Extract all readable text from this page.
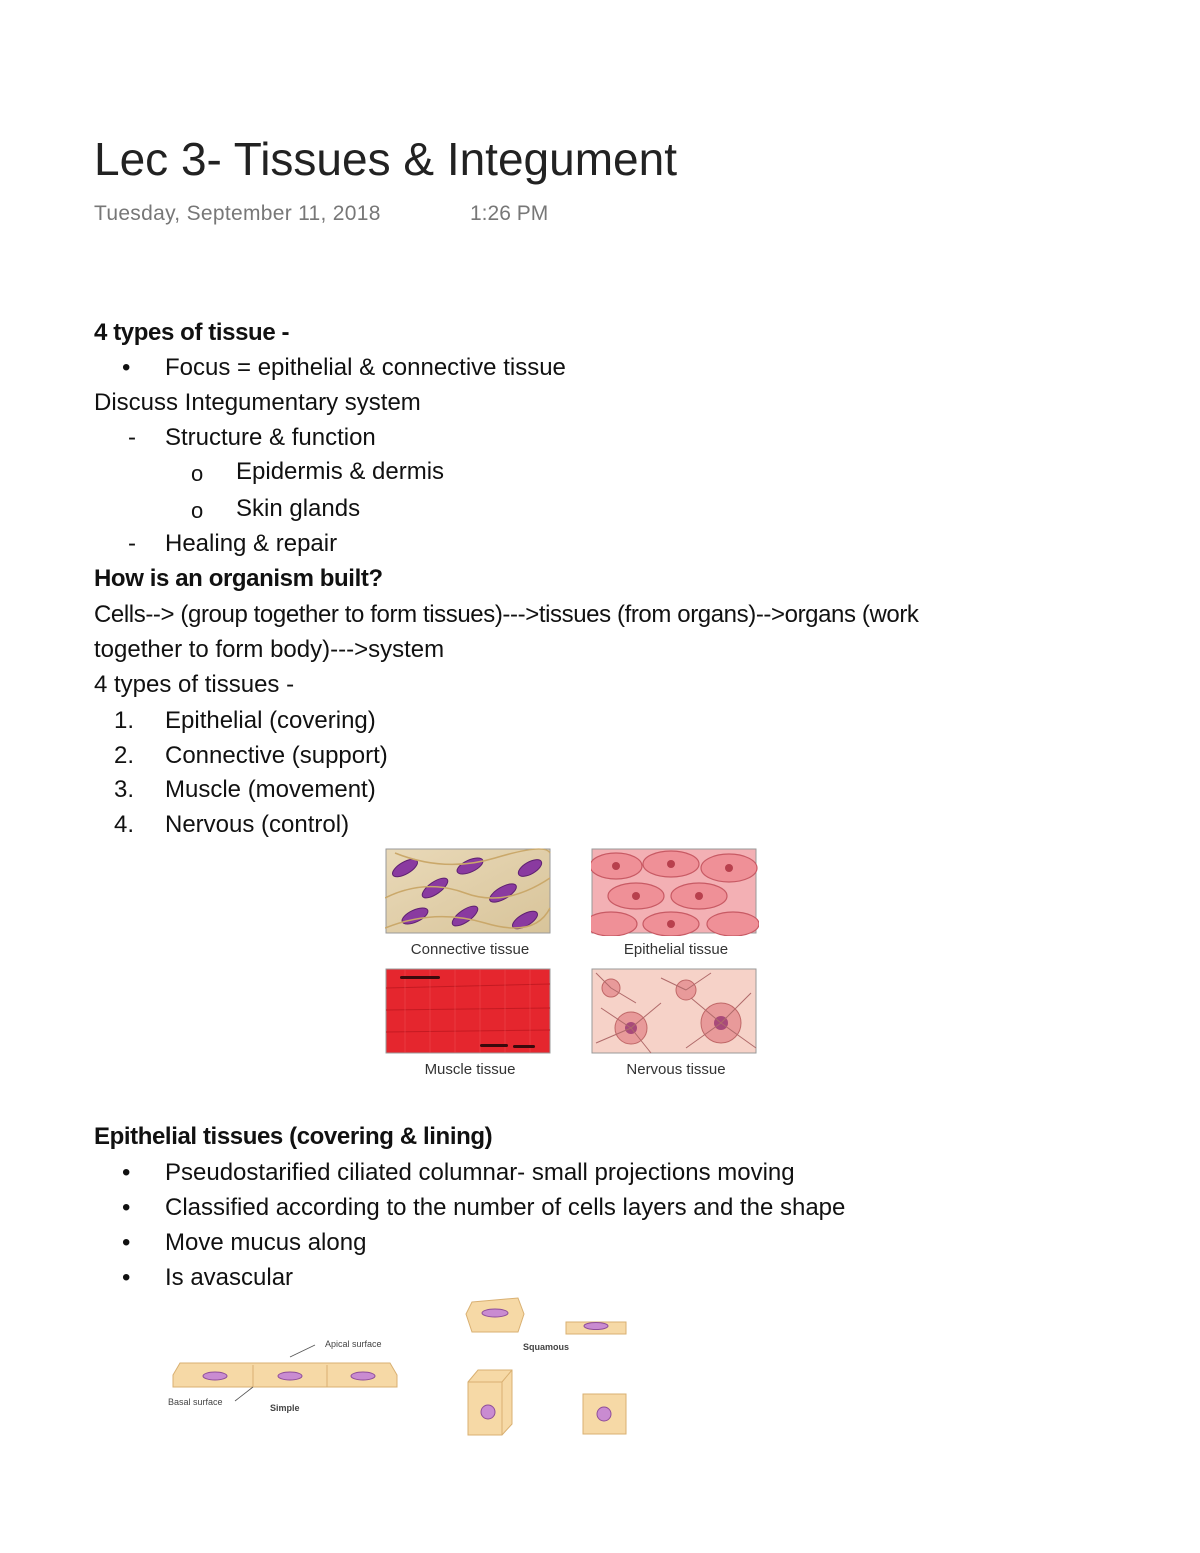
Lec 3- Tissues & Integument
Tuesday, September 11, 2018	1:26 PM
4 types of tissue -
• Focus = epithelial & connective tissue
Discuss Integumentary system
- Structure & function
o Epidermis & dermis
o Skin glands
- Healing & repair
How is an organism built?
Cells--> (group together to form tissues)--->tissues (from organs)-->organs (work
together to form body)--->system
4 types of tissues -
1. Epithelial (covering)
2. Connective (support)
3. Muscle (movement)
4. Nervous (control)
Connective tissue	Epithelial tissue
Muscle tissue	Nervous tissue
Epithelial tissues (covering & lining)
• Pseudostarified ciliated columnar- small projections moving
• Classified according to the number of cells layers and the shape
• Move mucus along
• Is avascular
Apical surface
Basal surface
Simple
Squamous
